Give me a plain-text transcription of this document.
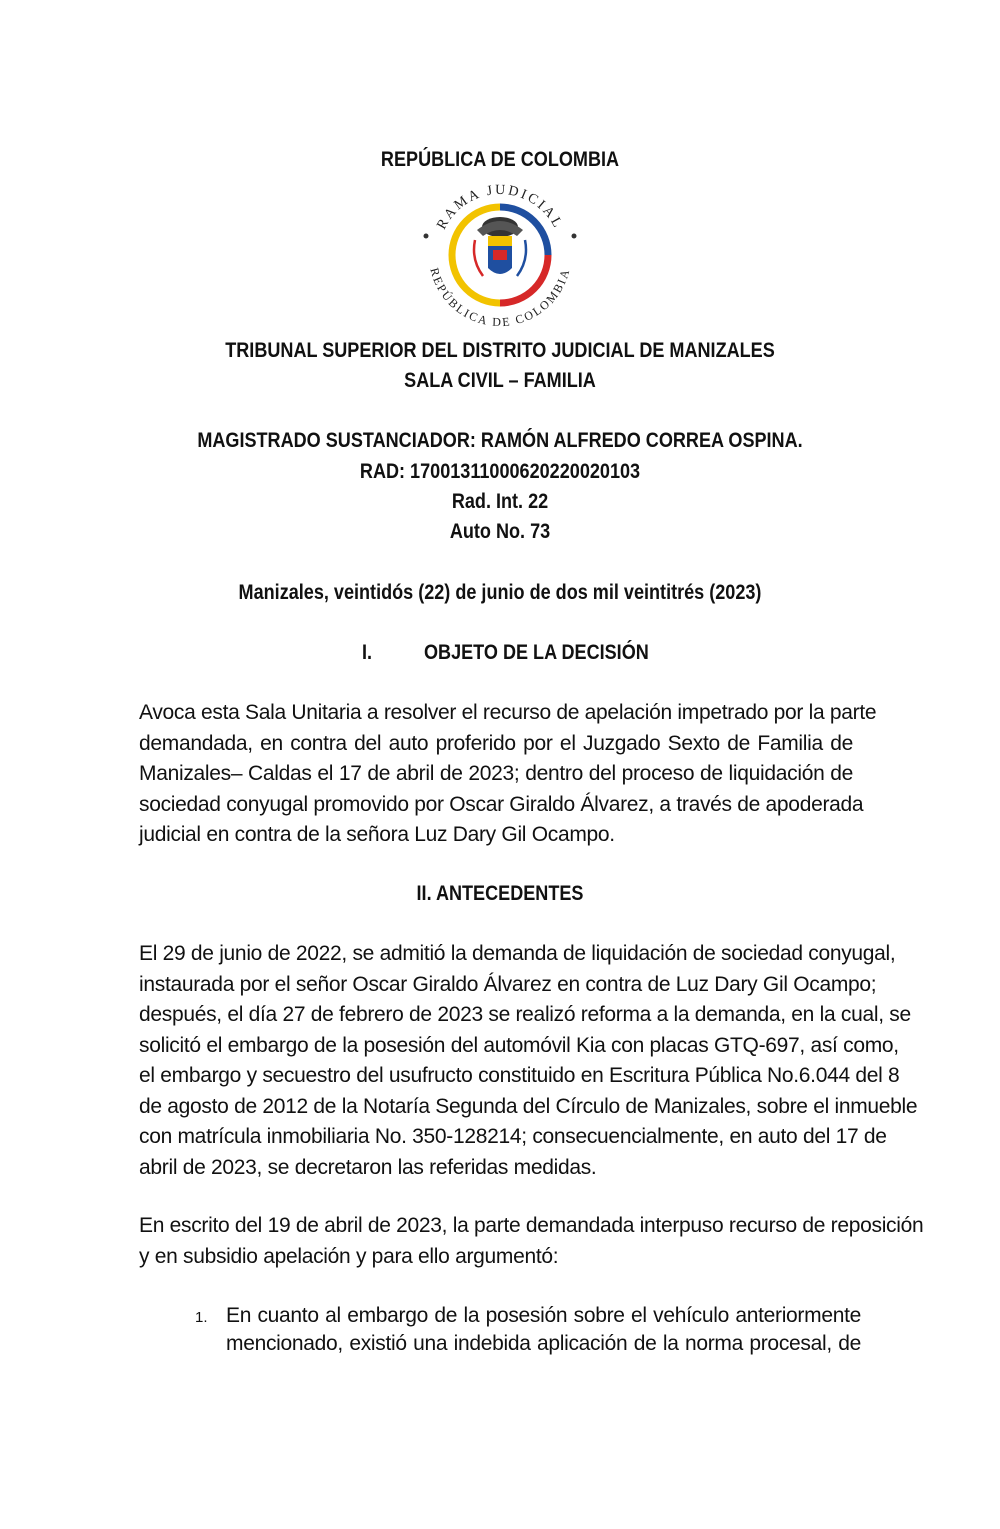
REPÚBLICA DE COLOMBIA
RAMA JUDICIAL
REPÚBLICA DE COLOMBIA
TRIBUNAL SUPERIOR DEL DISTRITO JUDICIAL DE MANIZALES
SALA CIVIL – FAMILIA
MAGISTRADO SUSTANCIADOR: RAMÓN ALFREDO CORREA OSPINA.
RAD: 17001311000620220020103
Rad. Int. 22
Auto No. 73
Manizales, veintidós (22) de junio de dos mil veintitrés (2023)
I. OBJETO DE LA DECISIÓN
Avoca esta Sala Unitaria a resolver el recurso de apelación impetrado por la parte
demandada, en contra del auto proferido por el Juzgado Sexto de Familia de
Manizales– Caldas el 17 de abril de 2023; dentro del proceso de liquidación de
sociedad conyugal promovido por Oscar Giraldo Álvarez, a través de apoderada
judicial en contra de la señora Luz Dary Gil Ocampo.
II. ANTECEDENTES
El 29 de junio de 2022, se admitió la demanda de liquidación de sociedad conyugal,
instaurada por el señor Oscar Giraldo Álvarez en contra de Luz Dary Gil Ocampo;
después, el día 27 de febrero de 2023 se realizó reforma a la demanda, en la cual, se
solicitó el embargo de la posesión del automóvil Kia con placas GTQ-697, así como,
el embargo y secuestro del usufructo constituido en Escritura Pública No.6.044 del 8
de agosto de 2012 de la Notaría Segunda del Círculo de Manizales, sobre el inmueble
con matrícula inmobiliaria No. 350-128214; consecuencialmente, en auto del 17 de
abril de 2023, se decretaron las referidas medidas.
En escrito del 19 de abril de 2023, la parte demandada interpuso recurso de reposición
y en subsidio apelación y para ello argumentó:
1. En cuanto al embargo de la posesión sobre el vehículo anteriormente
mencionado, existió una indebida aplicación de la norma procesal, de
